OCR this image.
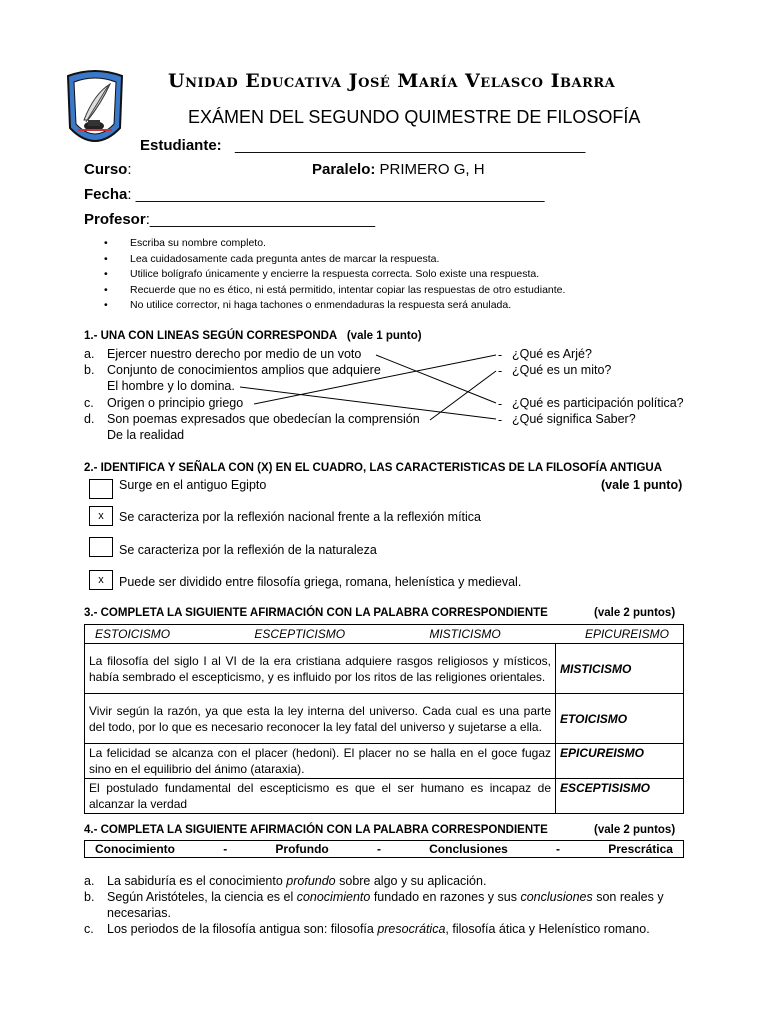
Unidad Educativa José María Velasco Ibarra
EXÁMEN DEL SEGUNDO QUIMESTRE DE FILOSOFÍA
Estudiante: __________________________________________
Curso:	Paralelo: PRIMERO G, H
Fecha: _________________________________________________
Profesor:___________________________
• Escriba su nombre completo.
• Lea cuidadosamente cada pregunta antes de marcar la respuesta.
• Utilice bolígrafo únicamente y encierre la respuesta correcta. Solo existe una respuesta.
• Recuerde que no es ético, ni está permitido, intentar copiar las respuestas de otro estudiante.
• No utilice corrector, ni haga tachones o enmendaduras la respuesta será anulada.
1.- UNA CON LINEAS SEGÚN CORRESPONDA (vale 1 punto)
a. Ejercer nuestro derecho por medio de un voto
b. Conjunto de conocimientos amplios que adquiere
El hombre y lo domina.
c. Origen o principio griego
d. Son poemas expresados que obedecían la comprensión
De la realidad
¿Qué es Arjé?
¿Qué es un mito?
¿Qué es participación política?
¿Qué significa Saber?
-
-
-
-
2.- IDENTIFICA Y SEÑALA CON (X) EN EL CUADRO, LAS CARACTERISTICAS DE LA FILOSOFÍA ANTIGUA
Surge en el antiguo Egipto	(vale 1 punto)
x	Se caracteriza por la reflexión nacional frente a la reflexión mítica
Se caracteriza por la reflexión de la naturaleza
x	Puede ser dividido entre filosofía griega, romana, helenística y medieval.
3.- COMPLETA LA SIGUIENTE AFIRMACIÓN CON LA PALABRA CORRESPONDIENTE	(vale 2 puntos)
ESTOICISMO ESCEPTICISMO MISTICISMO EPICUREISMO	

La filosofía del siglo I al VI de la era cristiana adquiere rasgos religiosos y místicos, había sembrado el escepticismo, y es influido por los ritos de las religiones orientales.	MISTICISMO
Vivir según la razón, ya que esta la ley interna del universo. Cada cual es una parte del todo, por lo que es necesario reconocer la ley fatal del universo y sujetarse a ella.	ETOICISMO
La felicidad se alcanza con el placer (hedoni). El placer no se halla en el goce fugaz sino en el equilibrio del ánimo (ataraxia).	EPICUREISMO
El postulado fundamental del escepticismo es que el ser humano es incapaz de alcanzar la verdad	ESCEPTISISMO
4.- COMPLETA LA SIGUIENTE AFIRMACIÓN CON LA PALABRA CORRESPONDIENTE	(vale 2 puntos)
Conocimiento	-	Profundo	-	Conclusiones	-	Prescrática
a. La sabiduría es el conocimiento profundo sobre algo y su aplicación.
b. Según Aristóteles, la ciencia es el conocimiento fundado en razones y sus conclusiones son reales y
necesarias.
c. Los periodos de la filosofía antigua son: filosofía presocrática, filosofía ática y Helenístico romano.
